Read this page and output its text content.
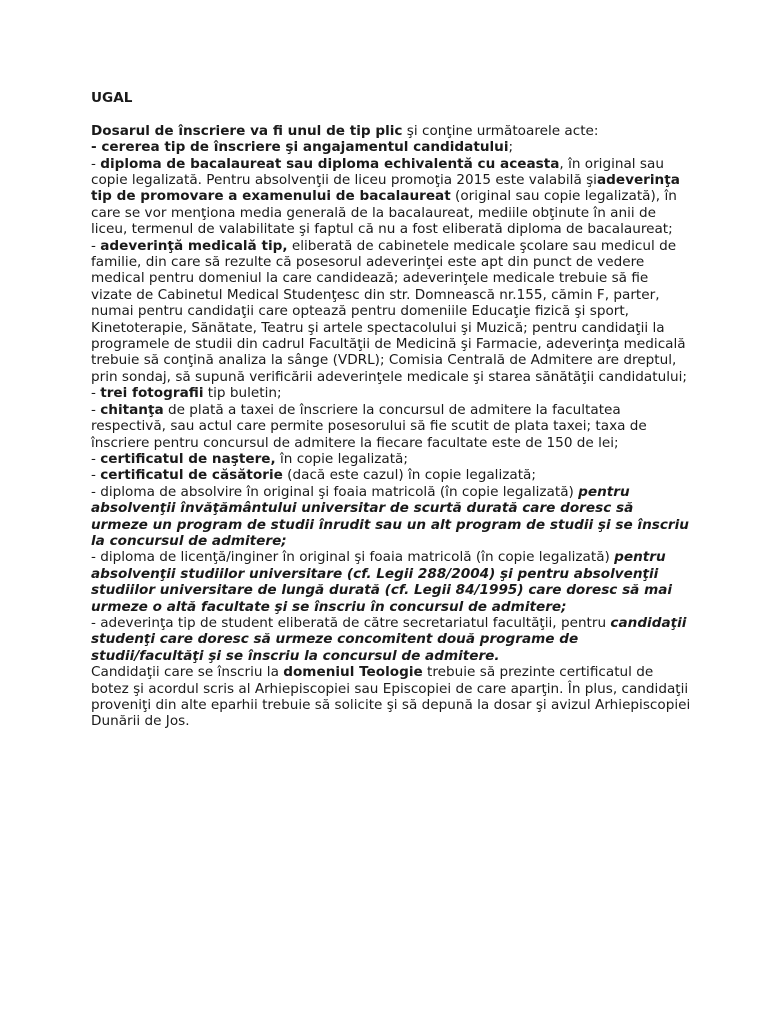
UGAL

Dosarul de înscriere va fi unul de tip plic şi conţine următoarele acte:

- cererea tip de înscriere şi angajamentul candidatului;

- diploma de bacalaureat sau diploma echivalentă cu aceasta, în original sau copie legalizată. Pentru absolvenţii de liceu promoţia 2015 este valabilă şiadeverinţa tip de promovare a examenului de bacalaureat (original sau copie legalizată), în care se vor menţiona media generală de la bacalaureat, mediile obţinute în anii de liceu, termenul de valabilitate şi faptul că nu a fost eliberată diploma de bacalaureat;

- adeverinţă medicală tip, eliberată de cabinetele medicale şcolare sau medicul de familie, din care să rezulte că posesorul adeverinţei este apt din punct de vedere medical pentru domeniul la care candidează; adeverinţele medicale trebuie să fie vizate de Cabinetul Medical Studenţesc din str. Domnească nr.155, cămin F, parter, numai pentru candidaţii care optează pentru domeniile Educaţie fizică şi sport, Kinetoterapie, Sănătate, Teatru şi artele spectacolului şi Muzică; pentru candidaţii la programele de studii din cadrul Facultăţii de Medicină şi Farmacie, adeverinţa medicală trebuie să conţină analiza la sânge (VDRL); Comisia Centrală de Admitere are dreptul, prin sondaj, să supună verificării adeverinţele medicale şi starea sănătăţii candidatului;

- trei fotografii tip buletin;

- chitanţa de plată a taxei de înscriere la concursul de admitere la facultatea respectivă, sau actul care permite posesorului să fie scutit de plata taxei; taxa de înscriere pentru concursul de admitere la fiecare facultate este de 150 de lei;

- certificatul de naştere, în copie legalizată;

- certificatul de căsătorie (dacă este cazul) în copie legalizată;

- diploma de absolvire în original şi foaia matricolă (în copie legalizată) pentru absolvenţii învăţământului universitar de scurtă durată care doresc să urmeze un program de studii înrudit sau un alt program de studii şi se înscriu la concursul de admitere;

- diploma de licenţă/inginer în original şi foaia matricolă (în copie legalizată) pentru absolvenţii studiilor universitare (cf. Legii 288/2004) şi pentru absolvenţii studiilor universitare de lungă durată (cf. Legii 84/1995) care doresc să mai urmeze o altă facultate şi se înscriu în concursul de admitere;

- adeverinţa tip de student eliberată de către secretariatul facultăţii, pentru candidaţii studenţi care doresc să urmeze concomitent două programe de studii/facultăţi şi se înscriu la concursul de admitere.

Candidaţii care se înscriu la domeniul Teologie trebuie să prezinte certificatul de botez şi acordul scris al Arhiepiscopiei sau Episcopiei de care aparţin. În plus, candidaţii proveniţi din alte eparhii trebuie să solicite şi să depună la dosar şi avizul Arhiepiscopiei Dunării de Jos.
